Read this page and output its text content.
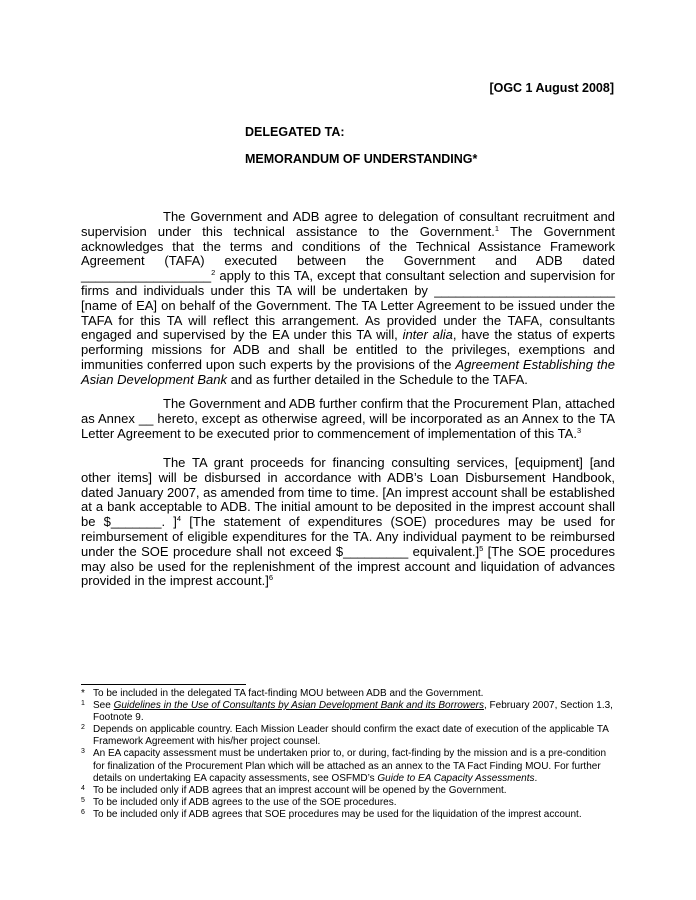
[OGC 1 August 2008]
DELEGATED TA:
MEMORANDUM OF UNDERSTANDING*

The Government and ADB agree to delegation of consultant recruitment and supervision under this technical assistance to the Government.$^1$ The Government acknowledges that the terms and conditions of the Technical Assistance Framework Agreement (TAFA) executed between the Government and ADB dated __________________$^2$ apply to this TA, except that consultant selection and supervision for firms and individuals under this TA will be undertaken by _________________________ [name of EA] on behalf of the Government. The TA Letter Agreement to be issued under the TAFA for this TA will reflect this arrangement. As provided under the TAFA, consultants engaged and supervised by the EA under this TA will, inter alia, have the status of experts performing missions for ADB and shall be entitled to the privileges, exemptions and immunities conferred upon such experts by the provisions of the Agreement Establishing the Asian Development Bank and as further detailed in the Schedule to the TAFA.

The Government and ADB further confirm that the Procurement Plan, attached as Annex __ hereto, except as otherwise agreed, will be incorporated as an Annex to the TA Letter Agreement to be executed prior to commencement of implementation of this TA.$^3$

The TA grant proceeds for financing consulting services, [equipment] [and other items] will be disbursed in accordance with ADB’s Loan Disbursement Handbook, dated January 2007, as amended from time to time. [An imprest account shall be established at a bank acceptable to ADB. The initial amount to be deposited in the imprest account shall be $_______. ]$^4$ [The statement of expenditures (SOE) procedures may be used for reimbursement of eligible expenditures for the TA. Any individual payment to be reimbursed under the SOE procedure shall not exceed $_________ equivalent.]$^5$ [The SOE procedures may also be used for the replenishment of the imprest account and liquidation of advances provided in the imprest account.]$^6$

* To be included in the delegated TA fact-finding MOU between ADB and the Government.

1 See Guidelines in the Use of Consultants by Asian Development Bank and its Borrowers, February 2007, Section 1.3, Footnote 9.

2 Depends on applicable country. Each Mission Leader should confirm the exact date of execution of the applicable TA Framework Agreement with his/her project counsel.

3 An EA capacity assessment must be undertaken prior to, or during, fact-finding by the mission and is a pre-condition for finalization of the Procurement Plan which will be attached as an annex to the TA Fact Finding MOU. For further details on undertaking EA capacity assessments, see OSFMD’s Guide to EA Capacity Assessments.

4 To be included only if ADB agrees that an imprest account will be opened by the Government.

5 To be included only if ADB agrees to the use of the SOE procedures.

6 To be included only if ADB agrees that SOE procedures may be used for the liquidation of the imprest account.
